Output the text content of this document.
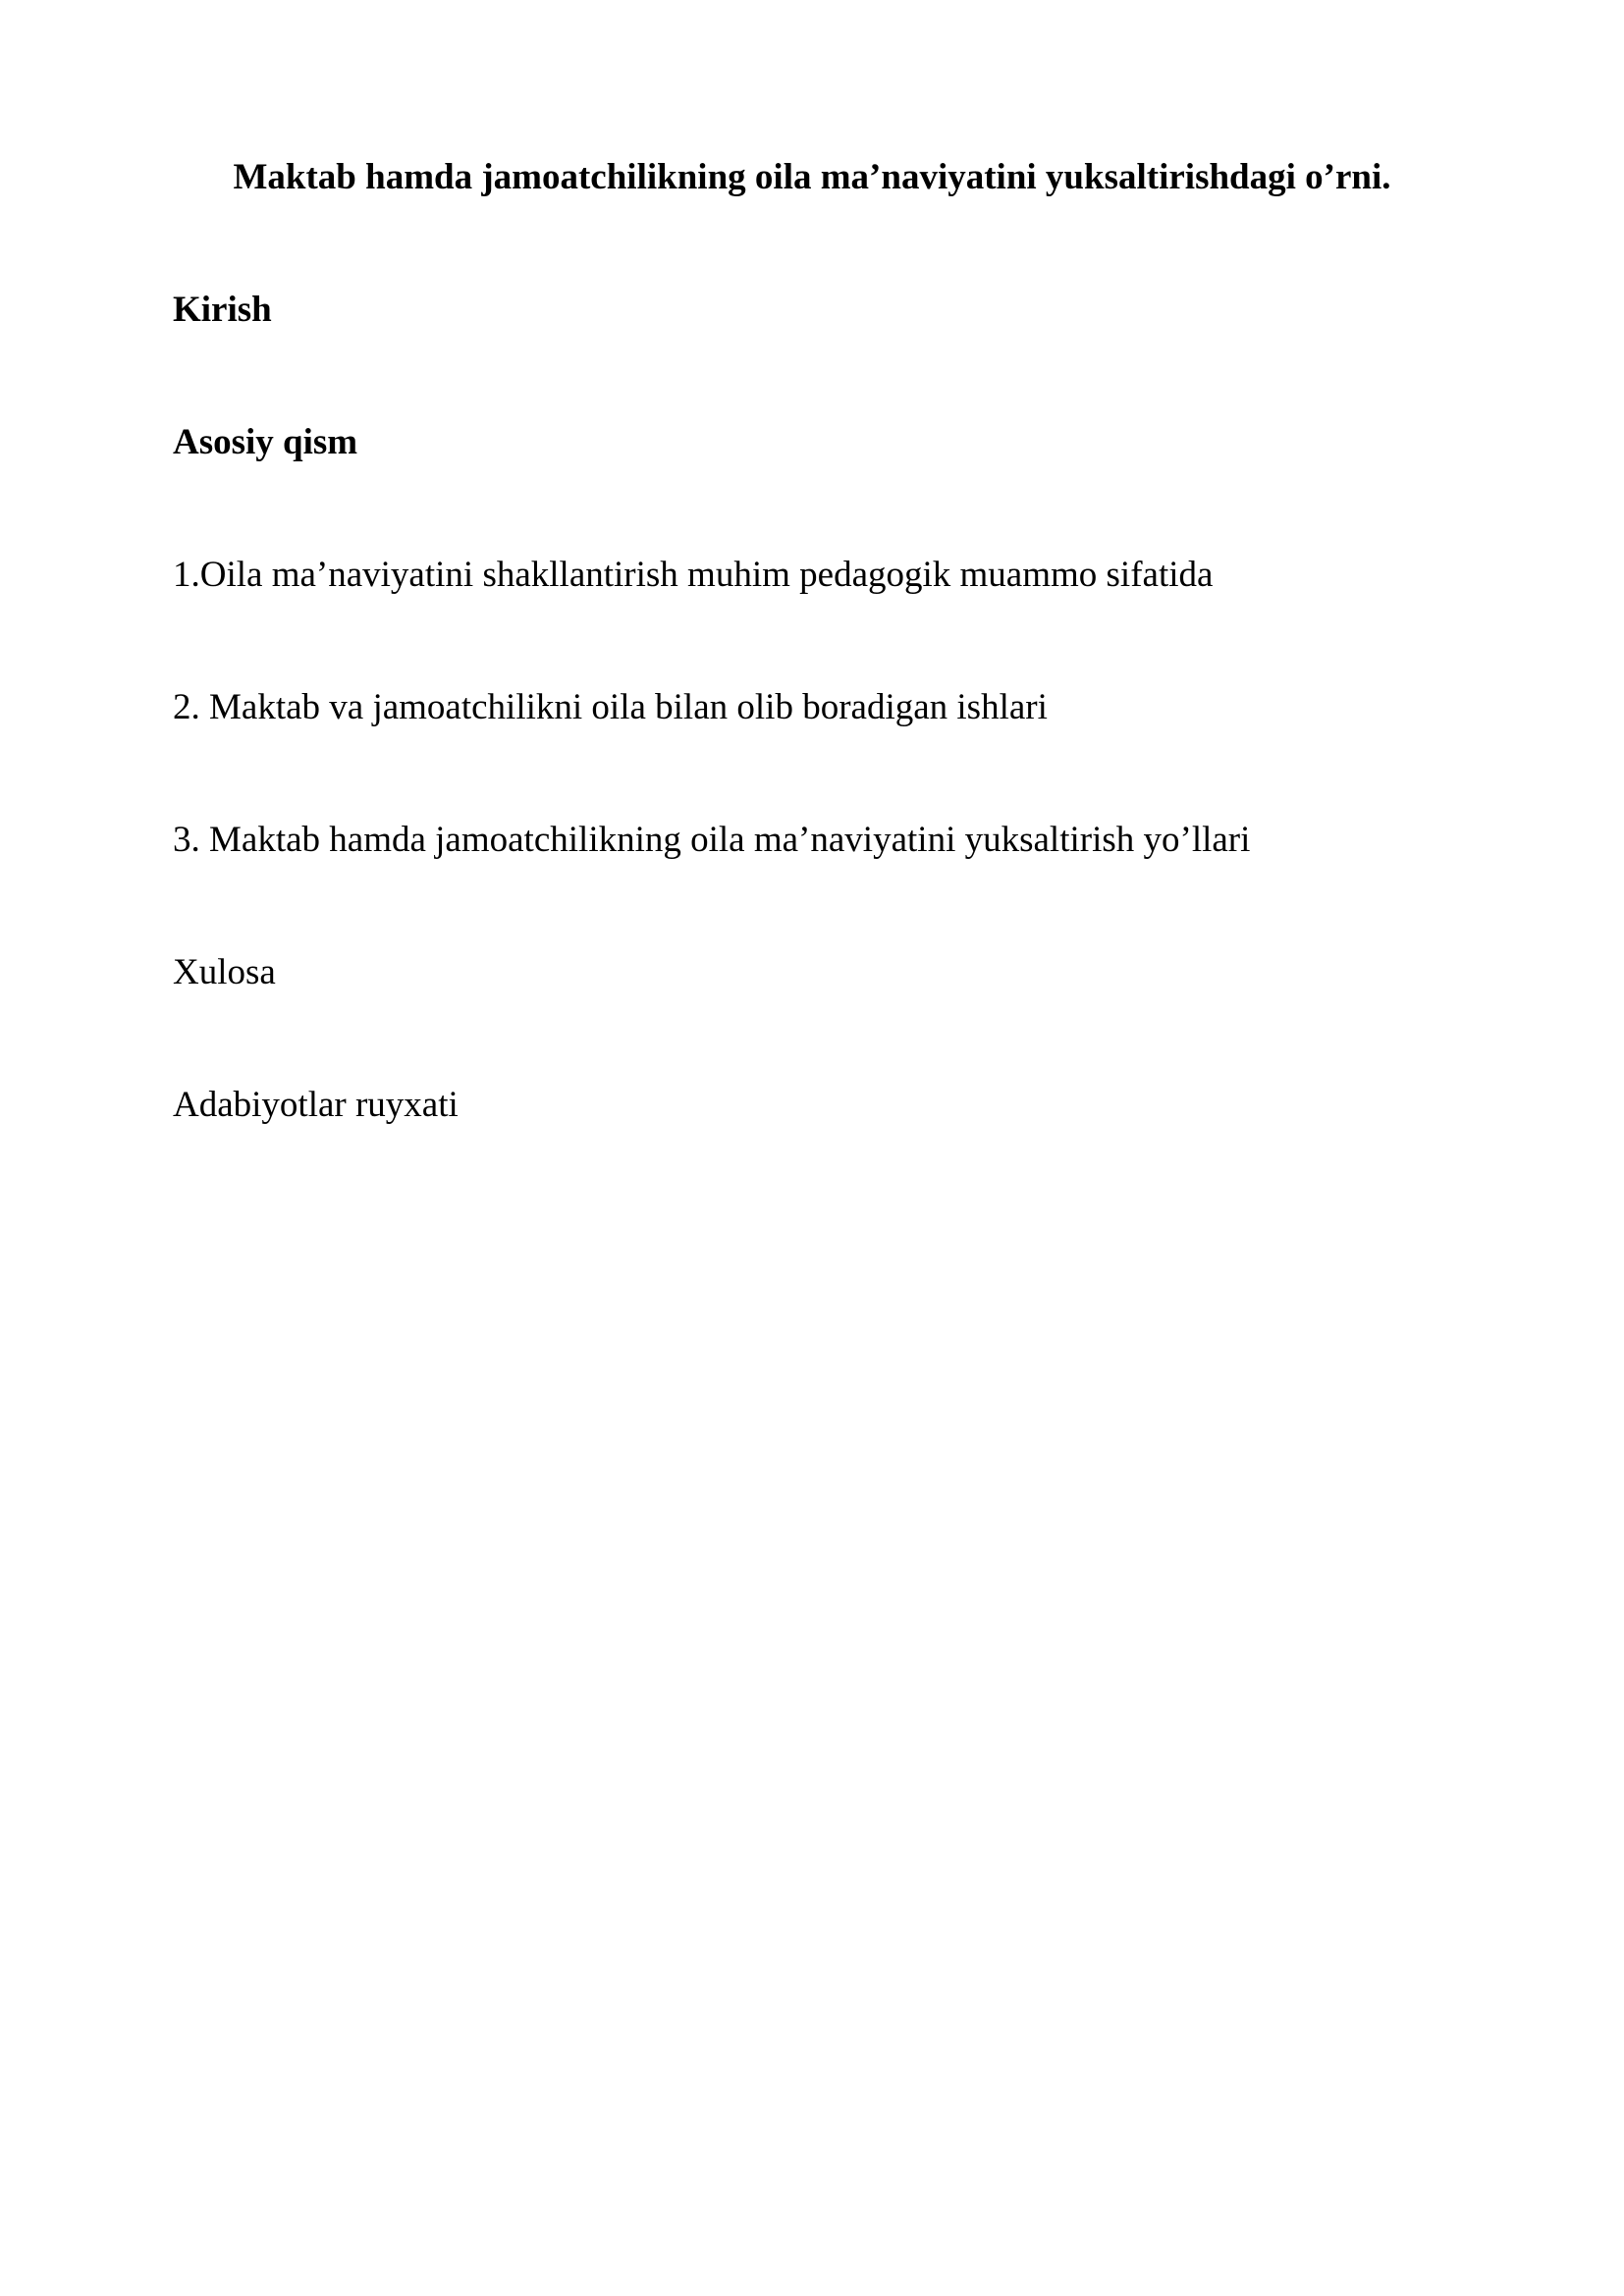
Maktab hamda jamoatchilikning oila ma’naviyatini yuksaltirishdagi o’rni.
Kirish
Asosiy qism
1.Oila ma’naviyatini shakllantirish muhim pedagogik muammo sifatida
2. Maktab va jamoatchilikni oila bilan olib boradigan ishlari
3. Maktab hamda jamoatchilikning oila ma’naviyatini yuksaltirish yo’llari
Xulosa
Adabiyotlar ruyxati
